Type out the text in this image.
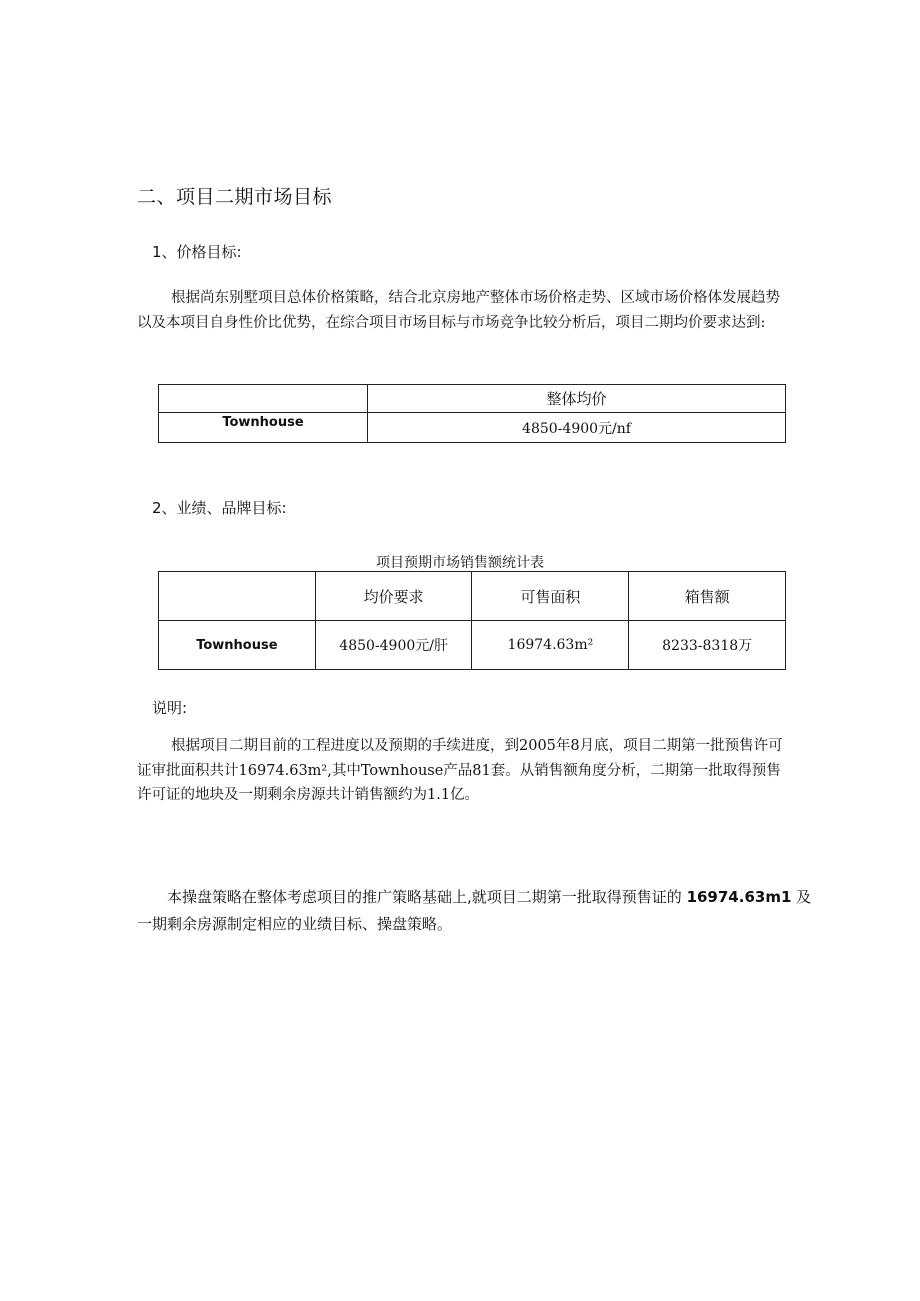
二、项目二期市场目标
1、价格目标:
根据尚东别墅项目总体价格策略，结合北京房地产整体市场价格走势、区域市场价格体发展趋势以及本项目自身性价比优势，在综合项目市场目标与市场竞争比较分析后，项目二期均价要求达到:
	整体均价
Townhouse	4850-4900元/nf
2、业绩、品牌目标:
项目预期市场销售额统计表
	均价要求	可售面积	箱售额
Townhouse	4850-4900元/肝	16974.63m²	8233-8318万
说明:
根据项目二期目前的工程进度以及预期的手续进度，到2005年8月底，项目二期第一批预售许可证审批面积共计16974.63m²,其中Townhouse产品81套。从销售额角度分析，二期第一批取得预售许可证的地块及一期剩余房源共计销售额约为1.1亿。
本操盘策略在整体考虑项目的推广策略基础上,就项目二期第一批取得预售证的 16974.63m1 及一期剩余房源制定相应的业绩目标、操盘策略。
